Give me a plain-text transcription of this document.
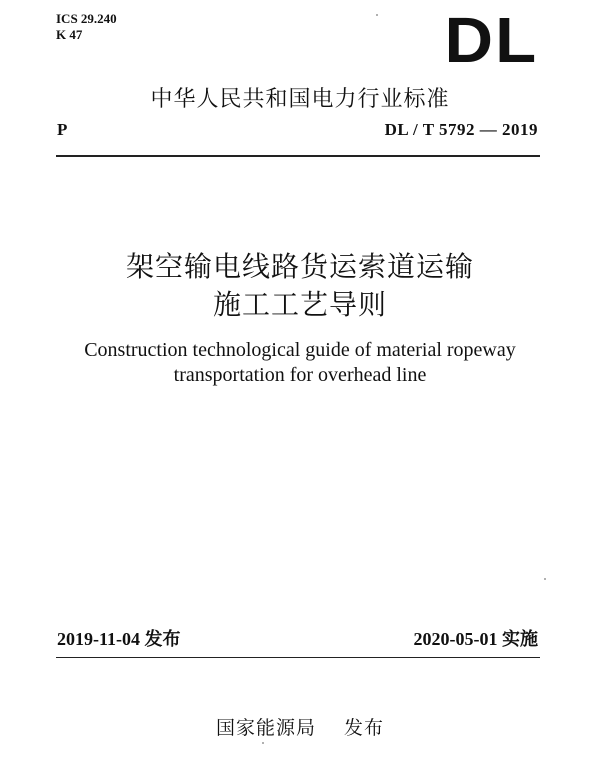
ICS 29.240
K 47	DL
中华人民共和国电力行业标准
P	DL / T 5792 — 2019
架空输电线路货运索道运输
施工工艺导则
Construction technological guide of material ropeway
transportation for overhead line
2019-11-04 发布	2020-05-01 实施
国家能源局 发布
